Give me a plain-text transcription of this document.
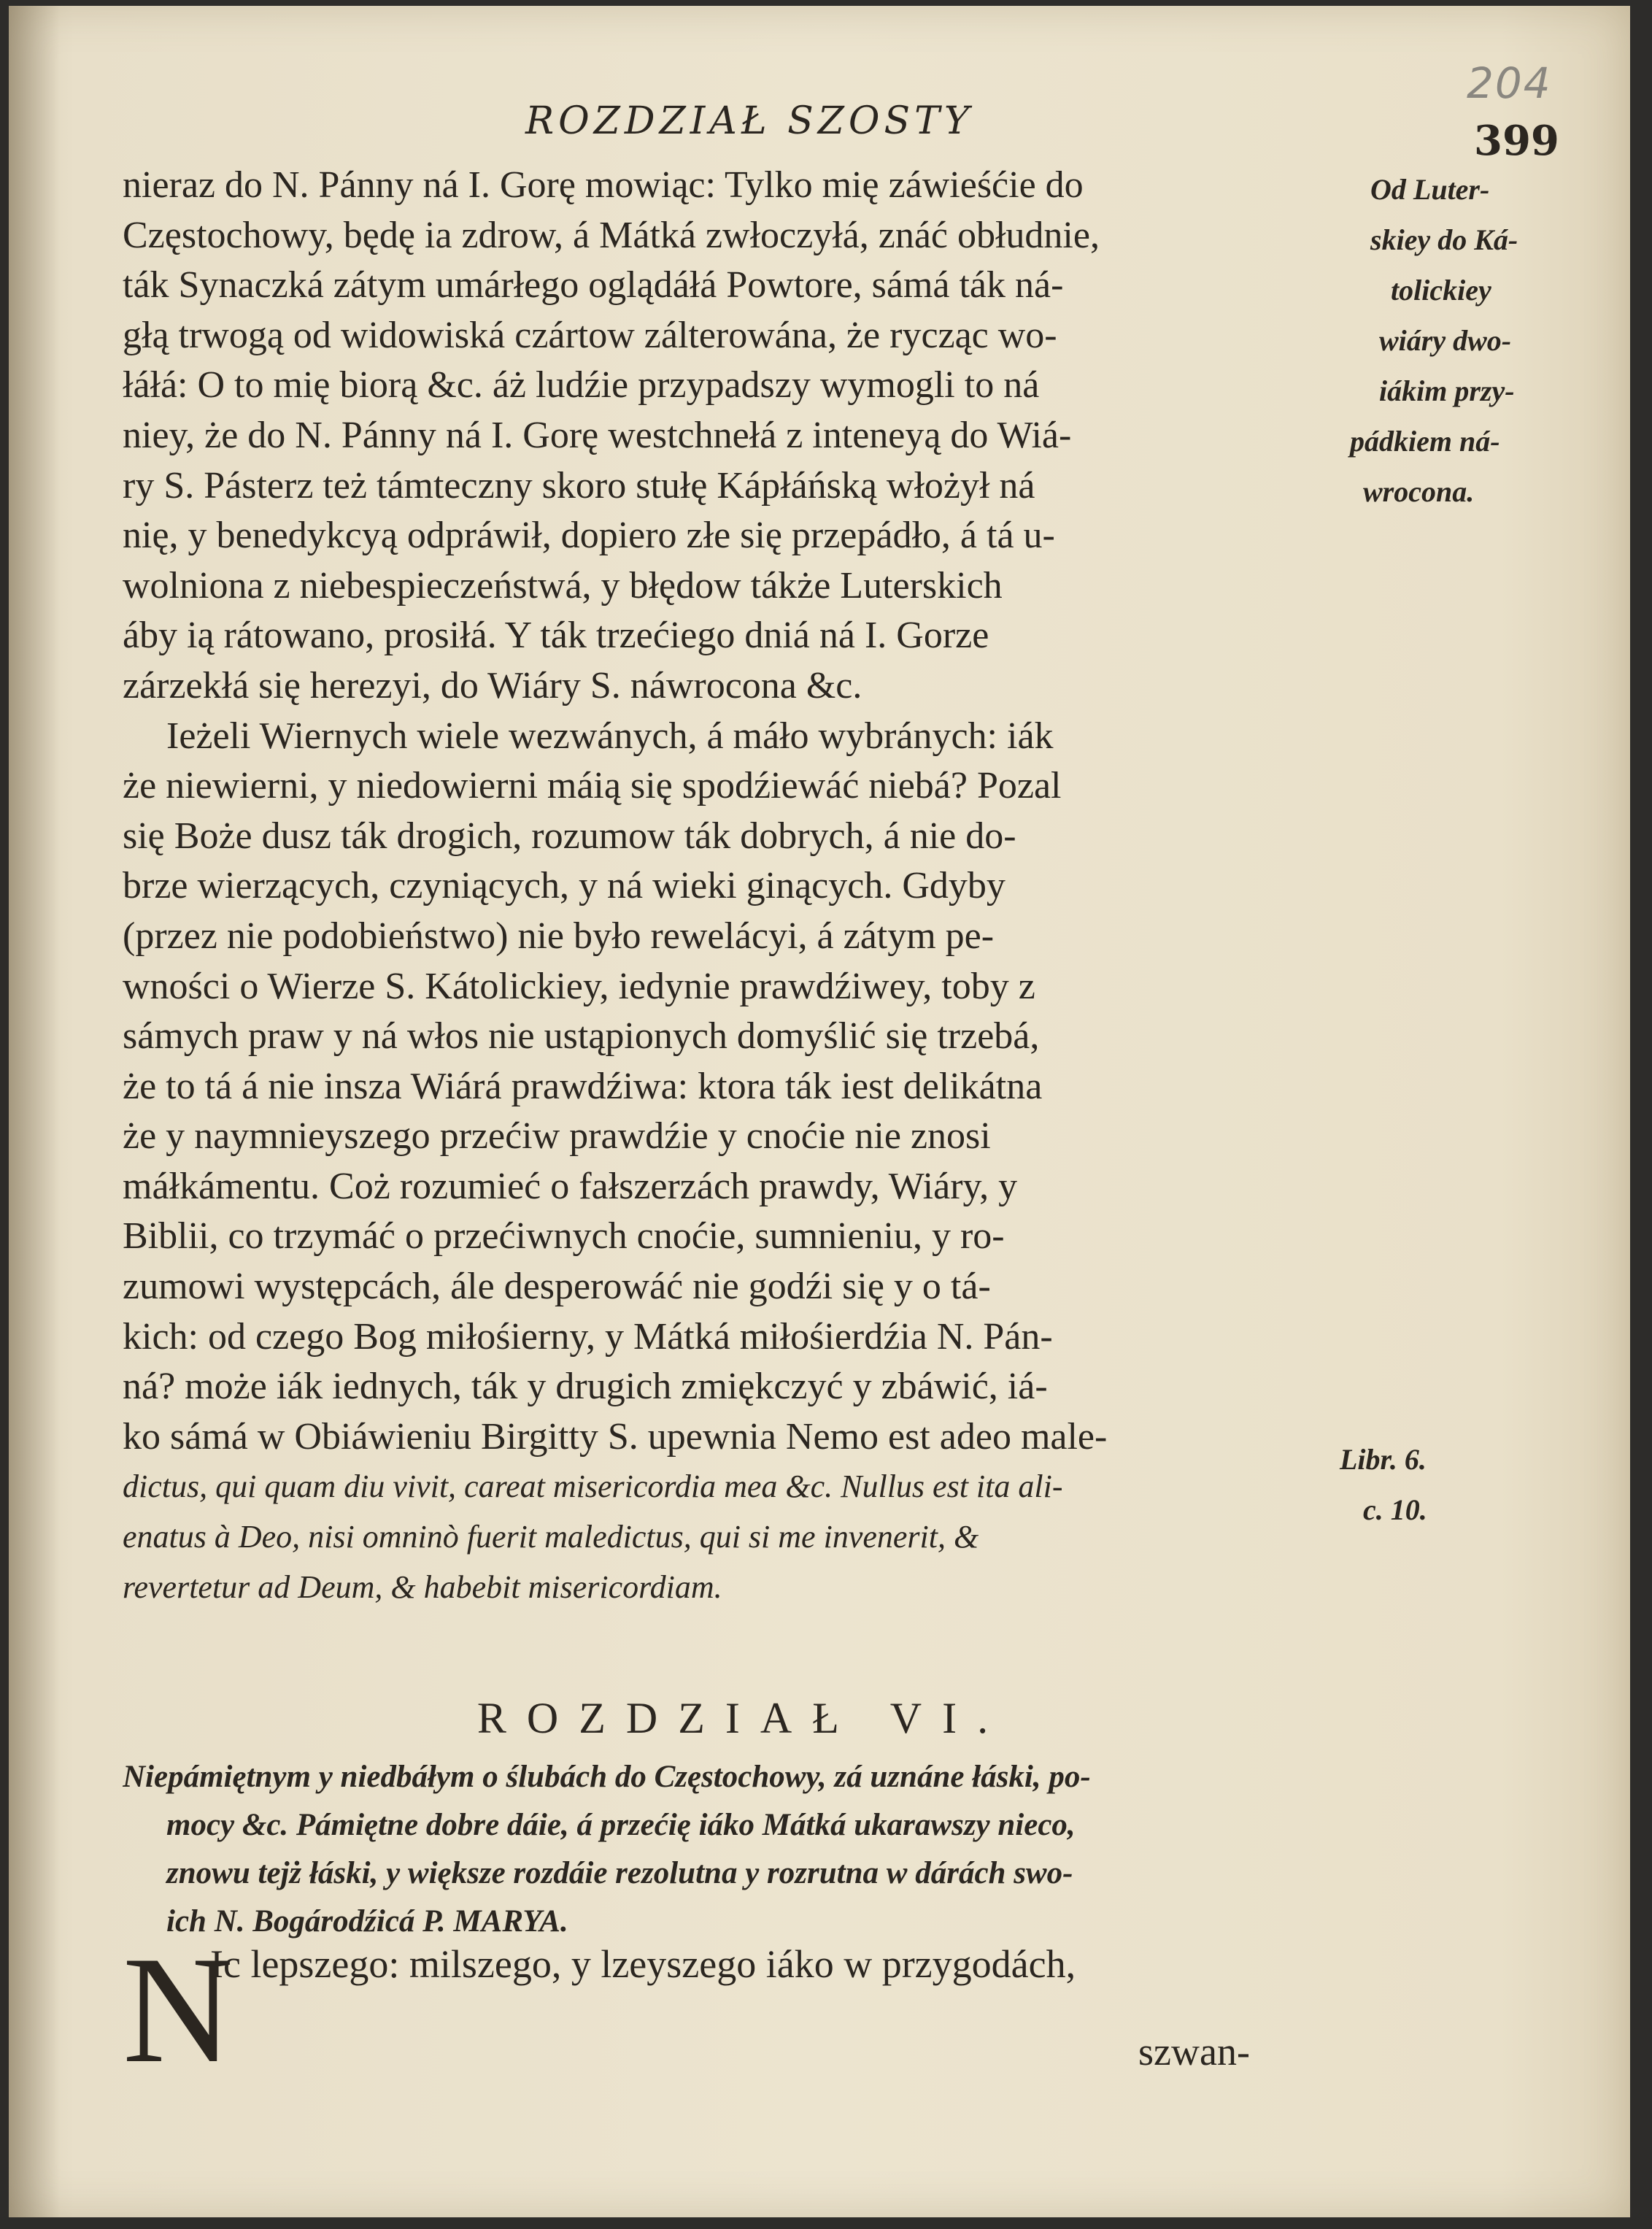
204
ROZDZIAŁ SZOSTY	399
nieraz do N. Pánny ná I. Gorę mowiąc: Tylko mię záwieśćie do
Częstochowy, będę ia zdrow, á Mátká zwłoczyłá, znáć obłudnie,
ták Synaczká zátym umárłego oglądáłá Powtore, sámá ták ná-
głą trwogą od widowiská czártow zálterowána, że rycząc wo-
łáłá: O to mię biorą &c. áż ludźie przypadszy wymogli to ná
niey, że do N. Pánny ná I. Gorę westchnełá z inteneyą do Wiá-
ry S. Pásterz też támteczny skoro stułę Kápłáńską włożył ná
nię, y benedykcyą odpráwił, dopiero złe się przepádło, á tá u-
wolniona z niebespieczeństwá, y błędow tákże Luterskich
áby ią rátowano, prosiłá. Y ták trzećiego dniá ná I. Gorze
zárzekłá się herezyi, do Wiáry S. náwrocona &c.
Ieżeli Wiernych wiele wezwánych, á máło wybránych: iák
że niewierni, y niedowierni máią się spodźiewáć niebá? Pozal
się Boże dusz ták drogich, rozumow ták dobrych, á nie do-
brze wierzących, czyniących, y ná wieki ginących. Gdyby
(przez nie podobieństwo) nie było rewelácyi, á zátym pe-
wności o Wierze S. Kátolickiey, iedynie prawdźiwey, toby z
sámych praw y ná włos nie ustąpionych domyślić się trzebá,
że to tá á nie insza Wiárá prawdźiwa: ktora ták iest delikátna
że y naymnieyszego przećiw prawdźie y cnoćie nie znosi
máłkámentu. Coż rozumieć o fałszerzách prawdy, Wiáry, y
Biblii, co trzymáć o przećiwnych cnoćie, sumnieniu, y ro-
zumowi występcách, ále desperowáć nie godźi się y o tá-
kich: od czego Bog miłośierny, y Mátká miłośierdźia N. Pán-
ná? może iák iednych, ták y drugich zmiękczyć y zbáwić, iá-
ko sámá w Obiáwieniu Birgitty S. upewnia Nemo est adeo male-
dictus, qui quam diu vivit, careat misericordia mea &c. Nullus est ita ali-
enatus à Deo, nisi omninò fuerit maledictus, qui si me invenerit, &
revertetur ad Deum, & habebit misericordiam.
Od Luter-
skiey do Ká-
tolickiey
wiáry dwo-
iákim przy-
pádkiem ná-
wrocona.
Libr. 6.
c. 10.
ROZDZIAŁ VI.
Niepámiętnym y niedbáłym o ślubách do Częstochowy, zá uznáne łáski, po-
mocy &c. Pámiętne dobre dáie, á przećię iáko Mátká ukarawszy nieco,
znowu tejż łáski, y większe rozdáie rezolutna y rozrutna w dárách swo-
ich N. Bogárodźicá P. MARYA.
N
Ic lepszego: milszego, y lzeyszego iáko w przygodách,
szwan-
